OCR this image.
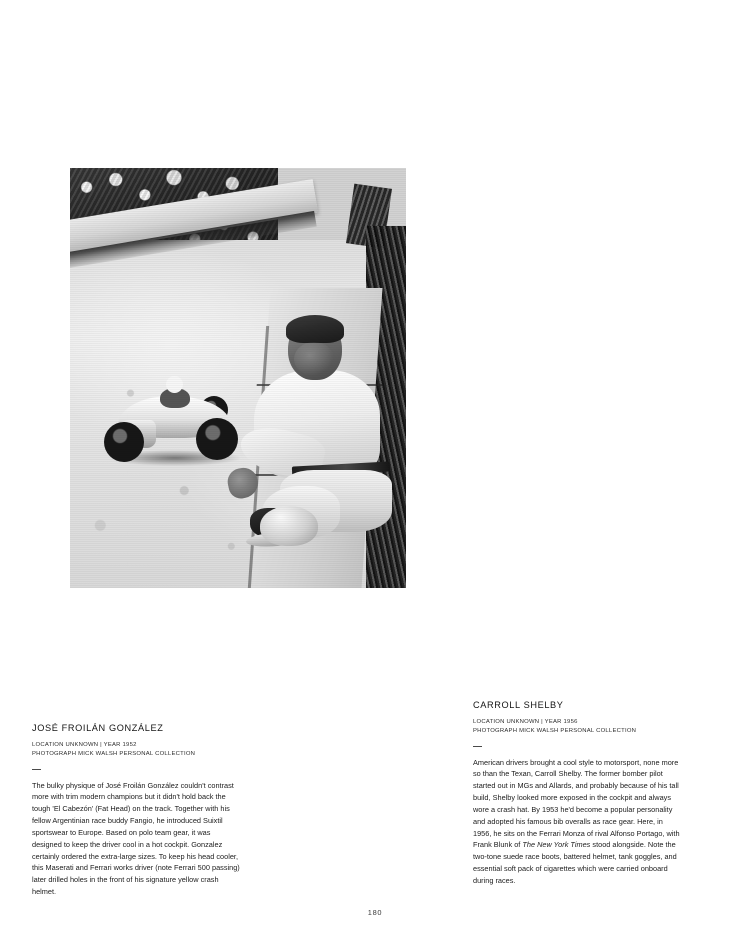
JOSÉ FROILÁN GONZÁLEZ

LOCATION UNKNOWN | YEAR 1952
PHOTOGRAPH MICK WALSH PERSONAL COLLECTION

The bulky physique of José Froilán González couldn't contrast more with trim modern champions but it didn't hold back the tough 'El Cabezón' (Fat Head) on the track. Together with his fellow Argentinian race buddy Fangio, he introduced Suixtil sportswear to Europe. Based on polo team gear, it was designed to keep the driver cool in a hot cockpit. Gonzalez certainly ordered the extra-large sizes. To keep his head cooler, this Maserati and Ferrari works driver (note Ferrari 500 passing) later drilled holes in the front of his signature yellow crash helmet.

CARROLL SHELBY

LOCATION UNKNOWN | YEAR 1956
PHOTOGRAPH MICK WALSH PERSONAL COLLECTION

American drivers brought a cool style to motorsport, none more so than the Texan, Carroll Shelby. The former bomber pilot started out in MGs and Allards, and probably because of his tall build, Shelby looked more exposed in the cockpit and always wore a crash hat. By 1953 he'd become a popular personality and adopted his famous bib overalls as race gear. Here, in 1956, he sits on the Ferrari Monza of rival Alfonso Portago, with Frank Blunk of The New York Times stood alongside. Note the two-tone suede race boots, battered helmet, tank goggles, and essential soft pack of cigarettes which were carried onboard during races.

180
